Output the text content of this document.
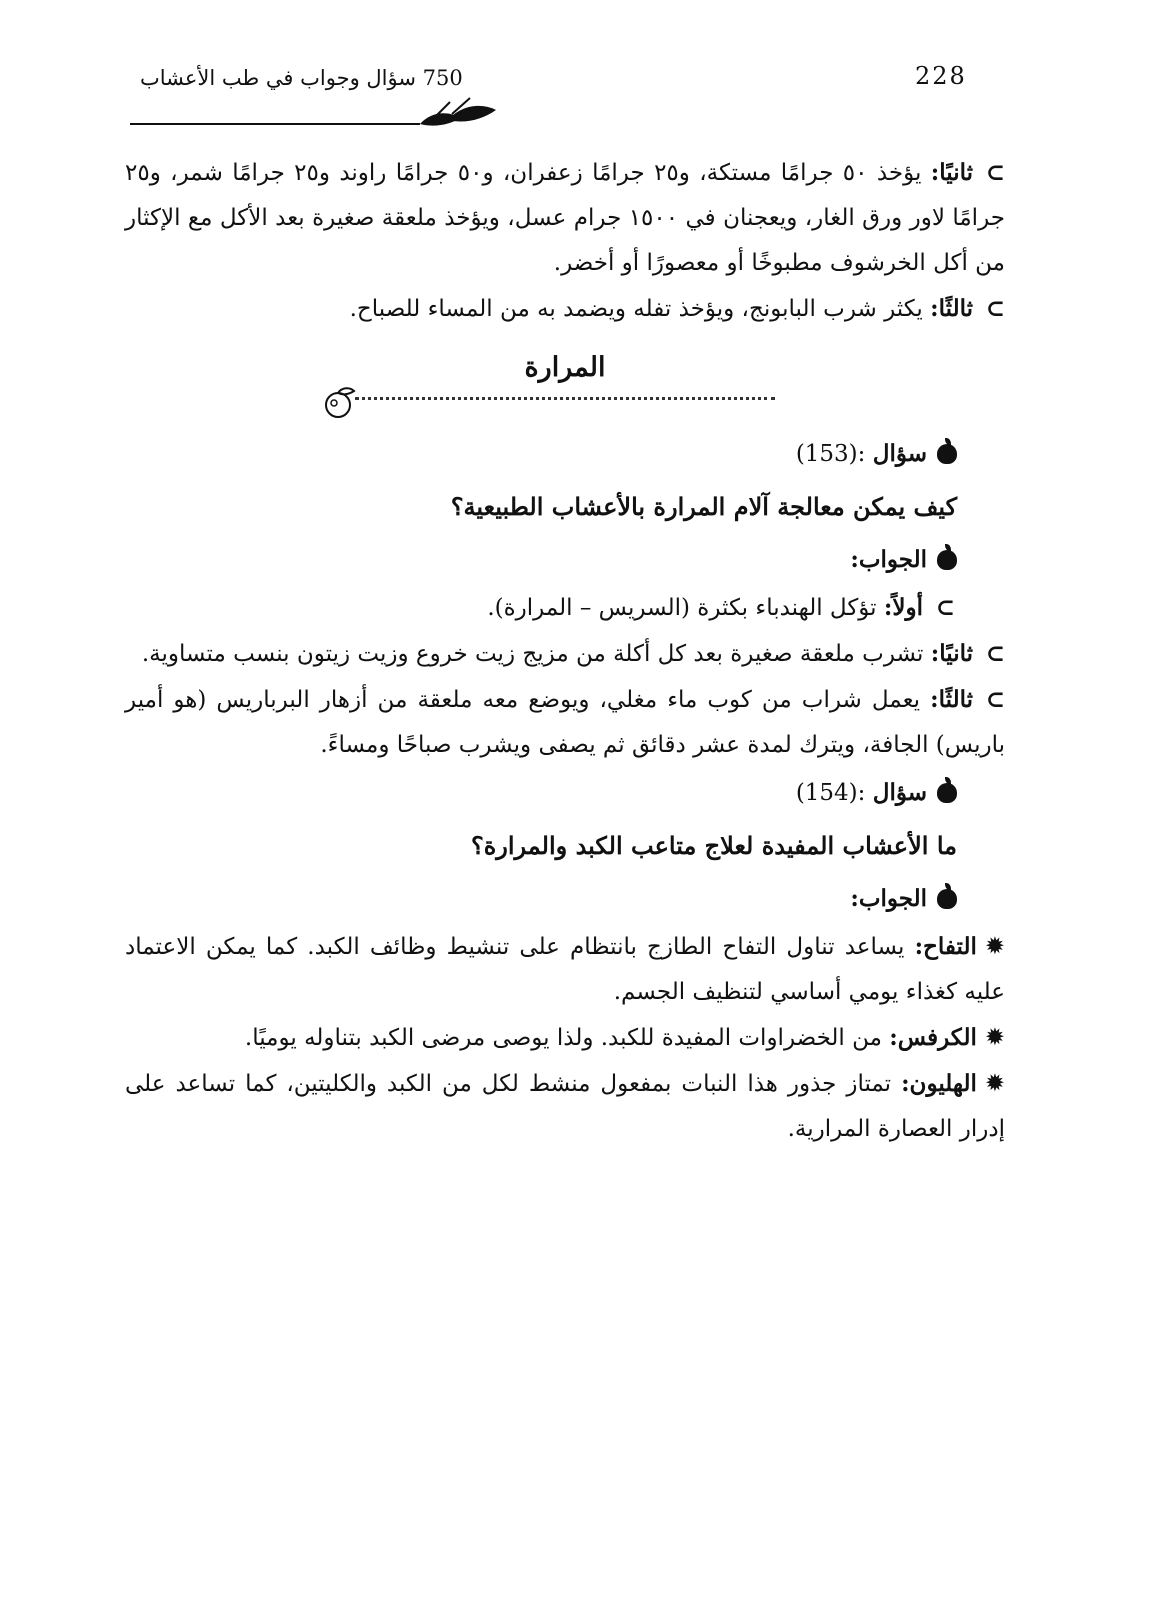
228
750 سؤال وجواب في طب الأعشاب

⊃ثانيًا: يؤخذ ٥٠ جرامًا مستكة، و٢٥ جرامًا زعفران، و٥٠ جرامًا راوند و٢٥ جرامًا شمر، و٢٥ جرامًا لاور ورق الغار، ويعجنان في ١٥٠٠ جرام عسل، ويؤخذ ملعقة صغيرة بعد الأكل مع الإكثار من أكل الخرشوف مطبوخًا أو معصورًا أو أخضر.

⊃ثالثًا: يكثر شرب البابونج، ويؤخذ تفله ويضمد به من المساء للصباح.

المرارة

سؤال (153):

كيف يمكن معالجة آلام المرارة بالأعشاب الطبيعية؟

الجواب:

⊃أولاً: تؤكل الهندباء بكثرة (السريس – المرارة).

⊃ثانيًا: تشرب ملعقة صغيرة بعد كل أكلة من مزيج زيت خروع وزيت زيتون بنسب متساوية.

⊃ثالثًا: يعمل شراب من كوب ماء مغلي، ويوضع معه ملعقة من أزهار البرباريس (هو أمير باريس) الجافة، ويترك لمدة عشر دقائق ثم يصفى ويشرب صباحًا ومساءً.

سؤال (154):

ما الأعشاب المفيدة لعلاج متاعب الكبد والمرارة؟

الجواب:

✹التفاح: يساعد تناول التفاح الطازج بانتظام على تنشيط وظائف الكبد. كما يمكن الاعتماد عليه كغذاء يومي أساسي لتنظيف الجسم.

✹الكرفس: من الخضراوات المفيدة للكبد. ولذا يوصى مرضى الكبد بتناوله يوميًا.

✹الهليون: تمتاز جذور هذا النبات بمفعول منشط لكل من الكبد والكليتين، كما تساعد على إدرار العصارة المرارية.
